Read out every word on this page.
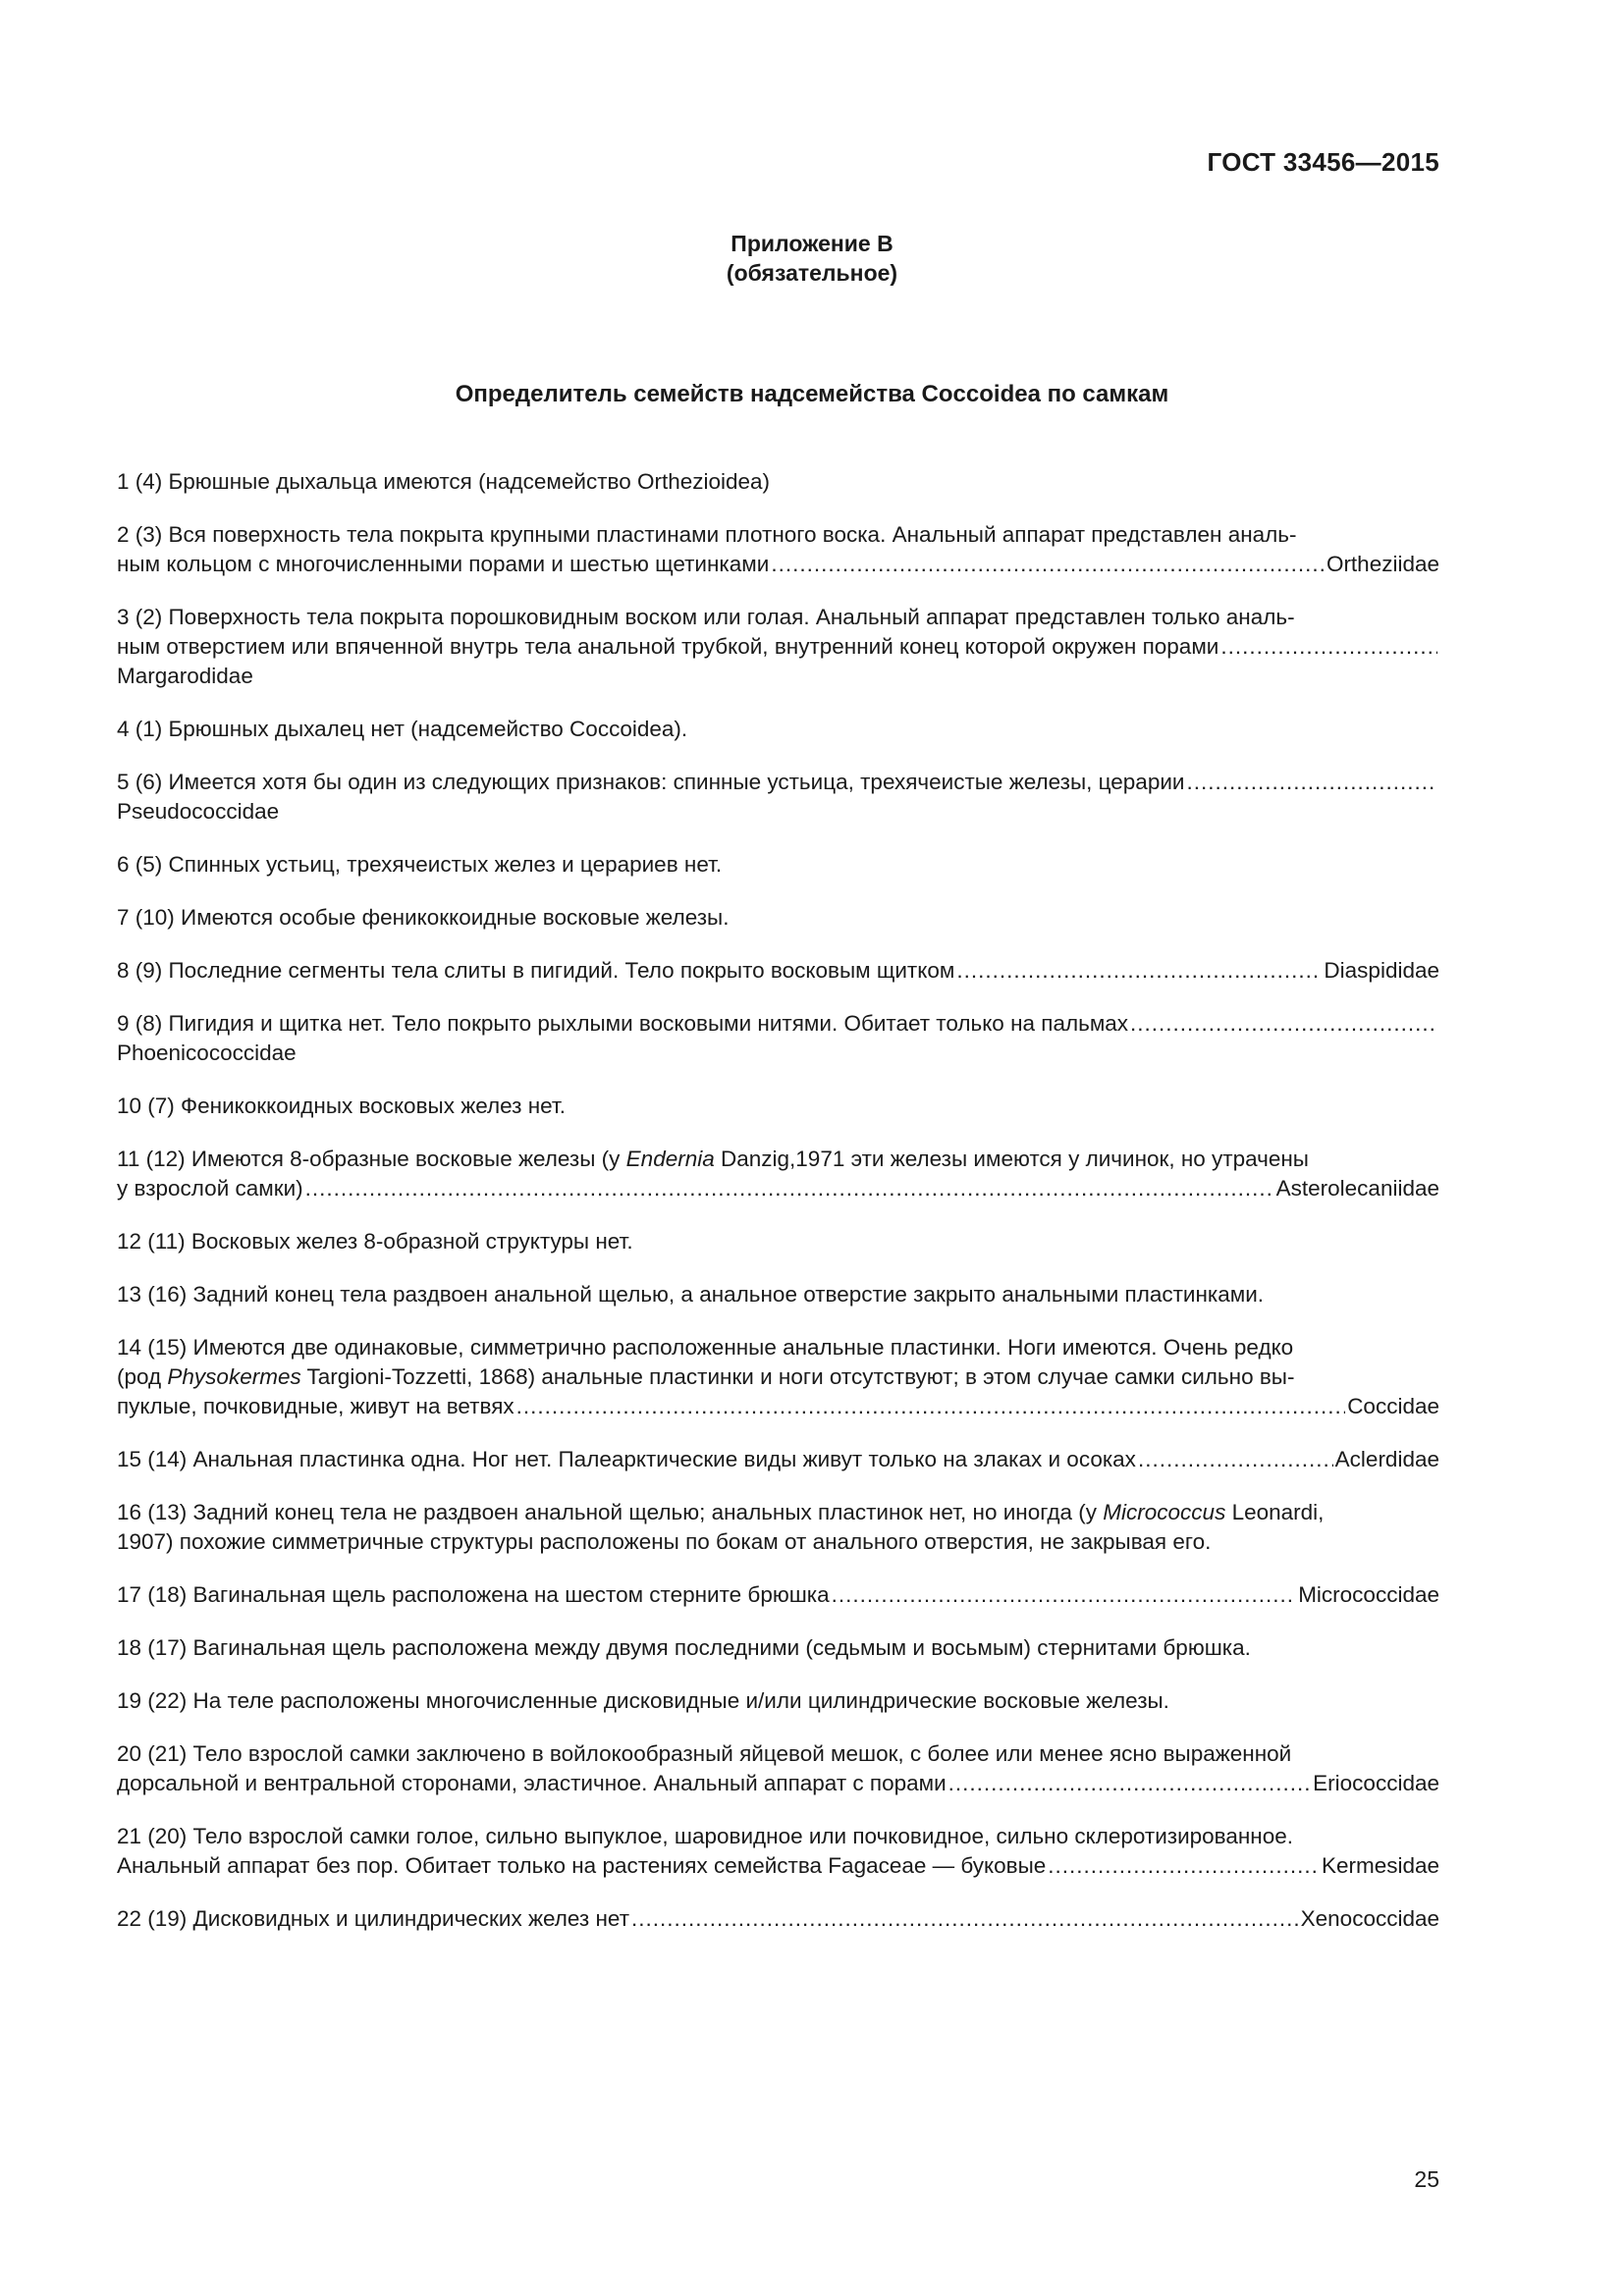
ГОСТ 33456—2015
Приложение В
(обязательное)
Определитель семейств надсемейства Coccoidea по самкам
1 (4) Брюшные дыхальца имеются (надсемейство Orthezioidea)
2 (3) Вся поверхность тела покрыта крупными пластинами плотного воска. Анальный аппарат представлен аналь-
ным кольцом с многочисленными порами и шестью щетинками .....	Ortheziidae
3 (2) Поверхность тела покрыта порошковидным воском или голая. Анальный аппарат представлен только аналь-
ным отверстием или впяченной внутрь тела анальной трубкой, внутренний конец которой окружен порами
.....
Margarodidae
4 (1) Брюшных дыхалец нет (надсемейство Coccoidea).
5 (6) Имеется хотя бы один из следующих признаков: спинные устьица, трехячеистые железы, церарии
.....
Pseudococcidae
6 (5) Спинных устьиц, трехячеистых желез и церариев нет.
7 (10) Имеются особые феникоккоидные восковые железы.
8 (9) Последние сегменты тела слиты в пигидий. Тело покрыто восковым щитком .....	Diaspididae
9 (8) Пигидия и щитка нет. Тело покрыто рыхлыми восковыми нитями. Обитает только на пальмах
.....
Phoenicococcidae
10 (7) Феникоккоидных восковых желез нет.
11 (12) Имеются 8-образные восковые железы (у Endernia Danzig,1971 эти железы имеются у личинок, но утрачены
у взрослой самки) .....	Asterolecaniidae
12 (11) Восковых желез 8-образной структуры нет.
13 (16) Задний конец тела раздвоен анальной щелью, а анальное отверстие закрыто анальными пластинками.
14 (15) Имеются две одинаковые, симметрично расположенные анальные пластинки. Ноги имеются. Очень редко
(род Physokermes Targioni-Tozzetti, 1868) анальные пластинки и ноги отсутствуют; в этом случае самки сильно вы-
пуклые, почковидные, живут на ветвях .....	Coccidae
15 (14) Анальная пластинка одна. Ног нет. Палеарктические виды живут только на злаках и осоках .....	Aclerdidae
16 (13) Задний конец тела не раздвоен анальной щелью; анальных пластинок нет, но иногда (у Micrococcus Leonardi,
1907) похожие симметричные структуры расположены по бокам от анального отверстия, не закрывая его.
17 (18) Вагинальная щель расположена на шестом стерните брюшка .....	Micrococcidae
18 (17) Вагинальная щель расположена между двумя последними (седьмым и восьмым) стернитами брюшка.
19 (22) На теле расположены многочисленные дисковидные и/или цилиндрические восковые железы.
20 (21) Тело взрослой самки заключено в войлокообразный яйцевой мешок, с более или менее ясно выраженной
дорсальной и вентральной сторонами, эластичное. Анальный аппарат с порами .....	Eriococcidae
21 (20) Тело взрослой самки голое, сильно выпуклое, шаровидное или почковидное, сильно склеротизированное.
Анальный аппарат без пор. Обитает только на растениях семейства Fagaceae — буковые .....	Kermesidae
22 (19) Дисковидных и цилиндрических желез нет .....	Xenococcidae
25
